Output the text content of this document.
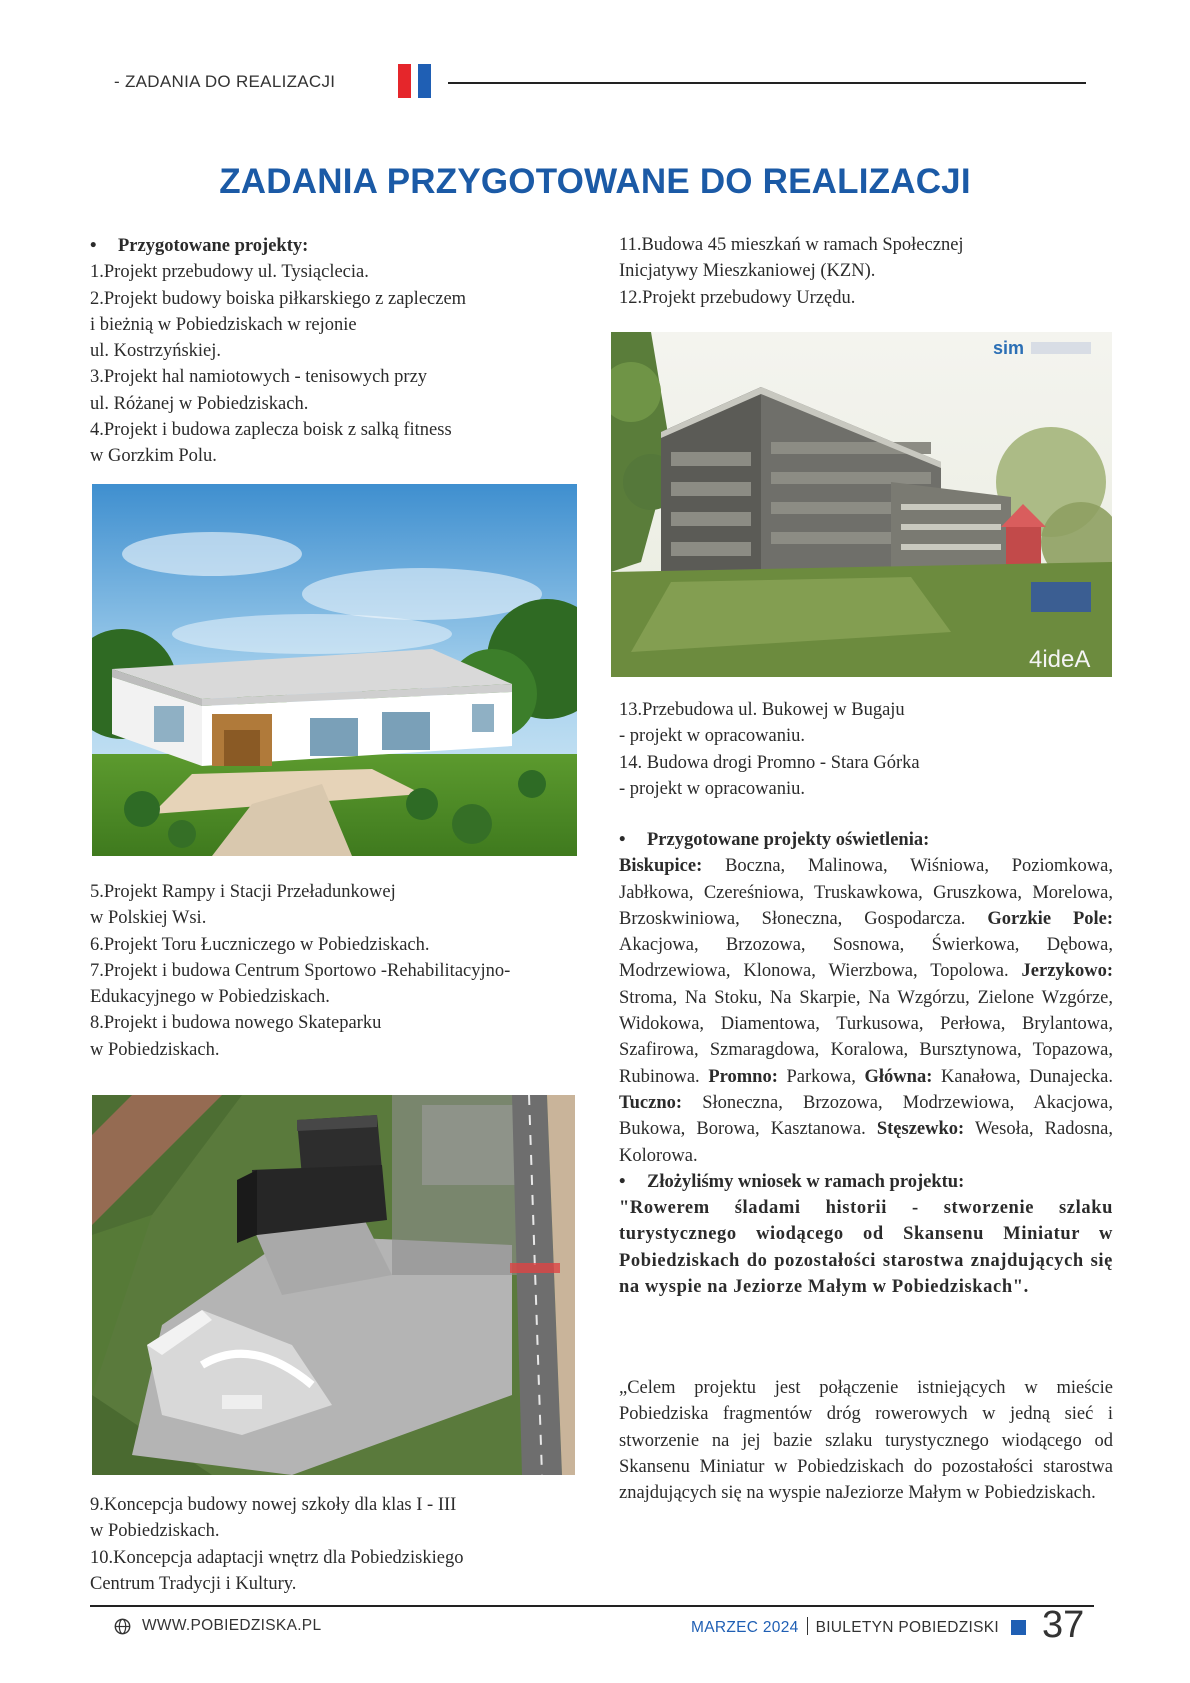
- ZADANIA DO REALIZACJI
ZADANIA PRZYGOTOWANE DO REALIZACJI
• Przygotowane projekty:
1.Projekt przebudowy ul. Tysiąclecia.
2.Projekt budowy boiska piłkarskiego z zapleczem
i bieżnią w Pobiedziskach w rejonie
ul. Kostrzyńskiej.
3.Projekt hal namiotowych - tenisowych przy
ul. Różanej w Pobiedziskach.
4.Projekt i budowa zaplecza boisk z salką fitness
w Gorzkim Polu.
5.Projekt Rampy i Stacji Przeładunkowej
w Polskiej Wsi.
6.Projekt Toru Łuczniczego w Pobiedziskach.
7.Projekt i budowa Centrum Sportowo -Rehabilitacyjno-
Edukacyjnego w Pobiedziskach.
8.Projekt i budowa nowego Skateparku
w Pobiedziskach.
9.Koncepcja budowy nowej szkoły dla klas I - III
w Pobiedziskach.
10.Koncepcja adaptacji wnętrz dla Pobiedziskiego
Centrum Tradycji i Kultury.
11.Budowa 45 mieszkań w ramach Społecznej
Inicjatywy Mieszkaniowej (KZN).
12.Projekt przebudowy Urzędu.
sim
4ideA
13.Przebudowa ul. Bukowej w Bugaju
- projekt w opracowaniu.
14. Budowa drogi Promno - Stara Górka
- projekt w opracowaniu.
• Przygotowane projekty oświetlenia:
Biskupice: Boczna, Malinowa, Wiśniowa, Poziomkowa, Jabłkowa, Czereśniowa, Truskawkowa, Gruszkowa, Morelowa, Brzoskwiniowa, Słoneczna, Gospodarcza. Gorzkie Pole: Akacjowa, Brzozowa, Sosnowa, Świerkowa, Dębowa, Modrzewiowa, Klonowa, Wierzbowa, Topolowa. Jerzykowo: Stroma, Na Stoku, Na Skarpie, Na Wzgórzu, Zielone Wzgórze, Widokowa, Diamentowa, Turkusowa, Perłowa, Brylantowa, Szafirowa, Szmaragdowa, Koralowa, Bursztynowa, Topazowa, Rubinowa. Promno: Parkowa, Główna: Kanałowa, Dunajecka. Tuczno: Słoneczna, Brzozowa, Modrzewiowa, Akacjowa, Bukowa, Borowa, Kasztanowa. Stęszewko: Wesoła, Radosna, Kolorowa.
• Złożyliśmy wniosek w ramach projektu:
"Rowerem śladami historii - stworzenie szlaku turystycznego wiodącego od Skansenu Miniatur w Pobiedziskach do pozostałości starostwa znajdujących się na wyspie na Jeziorze Małym w Pobiedziskach".
„Celem projektu jest połączenie istniejących w mieście Pobiedziska fragmentów dróg rowerowych w jedną sieć i stworzenie na jej bazie szlaku turystycznego wiodącego od Skansenu Miniatur w Pobiedziskach do pozostałości starostwa znajdujących się na wyspie naJeziorze Małym w Pobiedziskach.
WWW.POBIEDZISKA.PL	MARZEC 2024 BIULETYN POBIEDZISKI 37
